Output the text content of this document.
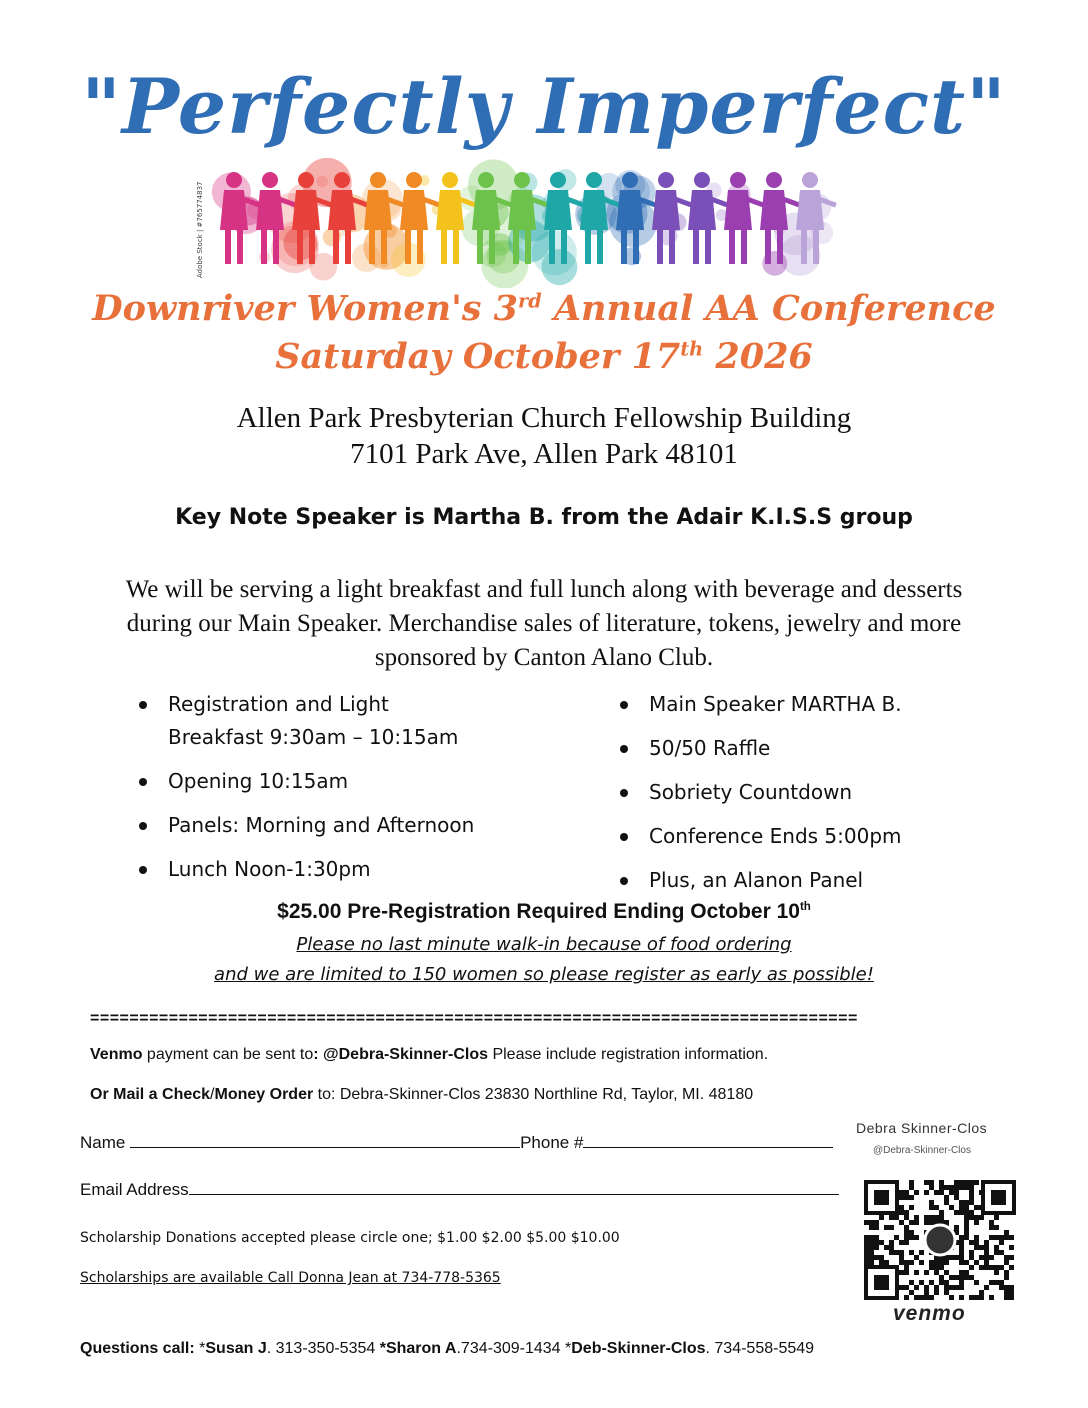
"Perfectly Imperfect"
Adobe Stock | #765774837
Downriver Women's 3rd Annual AA Conference
Saturday October 17th 2026
Allen Park Presbyterian Church Fellowship Building
7101 Park Ave, Allen Park 48101
Key Note Speaker is Martha B. from the Adair K.I.S.S group
We will be serving a light breakfast and full lunch along with beverage and desserts during our Main Speaker. Merchandise sales of literature, tokens, jewelry and more sponsored by Canton Alano Club.
Registration and Light
Breakfast 9:30am – 10:15am
Opening 10:15am
Panels: Morning and Afternoon
Lunch Noon-1:30pm
Main Speaker MARTHA B.
50/50 Raffle
Sobriety Countdown
Conference Ends 5:00pm
Plus, an Alanon Panel
$25.00 Pre-Registration Required Ending October 10th
Please no last minute walk-in because of food ordering
and we are limited to 150 women so please register as early as possible!
==============================================================================
Venmo payment can be sent to: @Debra-Skinner-Clos Please include registration information.
Or Mail a Check/Money Order to: Debra-Skinner-Clos 23830 Northline Rd, Taylor, MI. 48180
Name	Phone #
Email Address
Scholarship Donations accepted please circle one; $1.00 $2.00 $5.00 $10.00
Scholarships are available Call Donna Jean at 734-778-5365
Debra Skinner-Clos
@Debra-Skinner-Clos
venmo
Questions call: *Susan J. 313-350-5354 *Sharon A.734-309-1434 *Deb-Skinner-Clos. 734-558-5549
